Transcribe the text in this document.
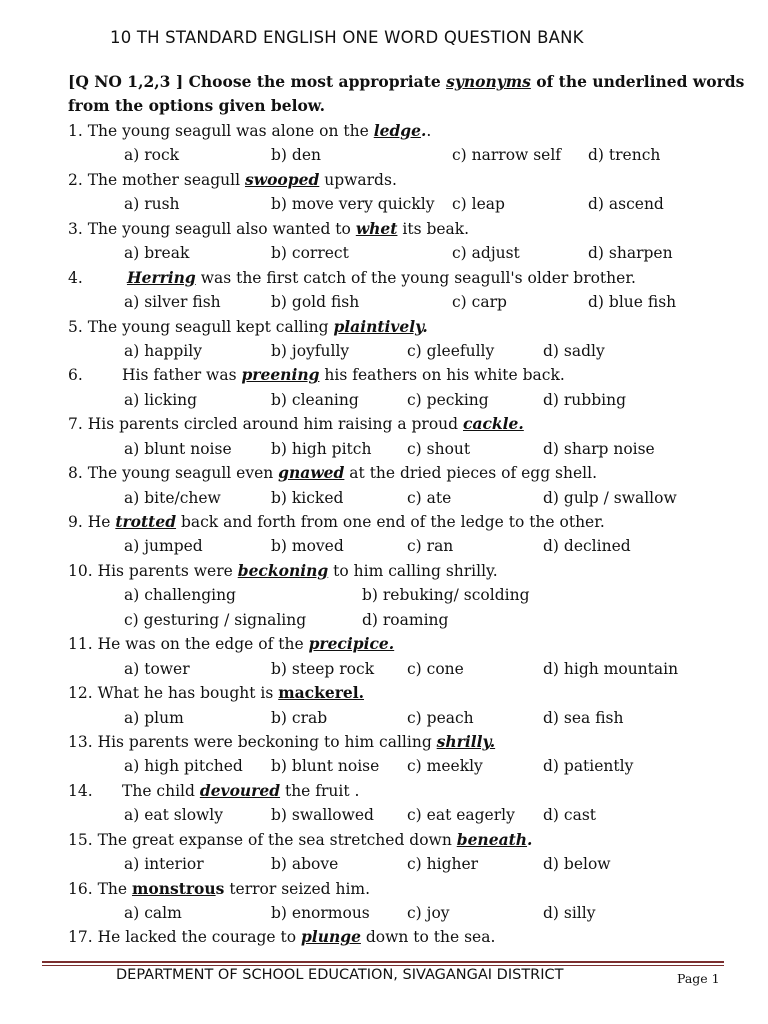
10 TH STANDARD ENGLISH ONE WORD QUESTION BANK
[Q NO 1,2,3 ] Choose the most appropriate synonyms of the underlined words from the options given below.
1. The young seagull was alone on the ledge..
a) rock	b) den	c) narrow self d) trench
2. The mother seagull swooped upwards.
a) rush	b) move very quickly c) leap	d) ascend
3. The young seagull also wanted to whet its beak.
a) break	b) correct	c) adjust	d) sharpen
4.	Herring was the first catch of the young seagull's older brother.
a) silver fish	b) gold fish	c) carp	d) blue fish
5. The young seagull kept calling plaintively.
a) happily	b) joyfully	c) gleefully	d) sadly
6.	His father was preening his feathers on his white back.
a) licking	b) cleaning	c) pecking	d) rubbing
7. His parents circled around him raising a proud cackle.
a) blunt noise	b) high pitch c) shout	d) sharp noise
8. The young seagull even gnawed at the dried pieces of egg shell.
a) bite/chew	b) kicked	c) ate	d) gulp / swallow
9. He trotted back and forth from one end of the ledge to the other.
a) jumped	b) moved	c) ran	d) declined
10. His parents were beckoning to him calling shrilly.
a) challenging	b) rebuking/ scolding
c) gesturing / signaling	d) roaming
11. He was on the edge of the precipice.
a) tower	b) steep rock c) cone	d) high mountain
12. What he has bought is mackerel.
a) plum	b) crab	c) peach	d) sea fish
13. His parents were beckoning to him calling shrilly.
a) high pitched b) blunt noise c) meekly	d) patiently
14. The child devoured the fruit .
a) eat slowly	b) swallowed c) eat eagerly d) cast
15. The great expanse of the sea stretched down beneath.
a) interior	b) above	c) higher	d) below
16. The monstrous terror seized him.
a) calm	b) enormous c) joy	d) silly
17. He lacked the courage to plunge down to the sea.
DEPARTMENT OF SCHOOL EDUCATION, SIVAGANGAI DISTRICT	Page 1
